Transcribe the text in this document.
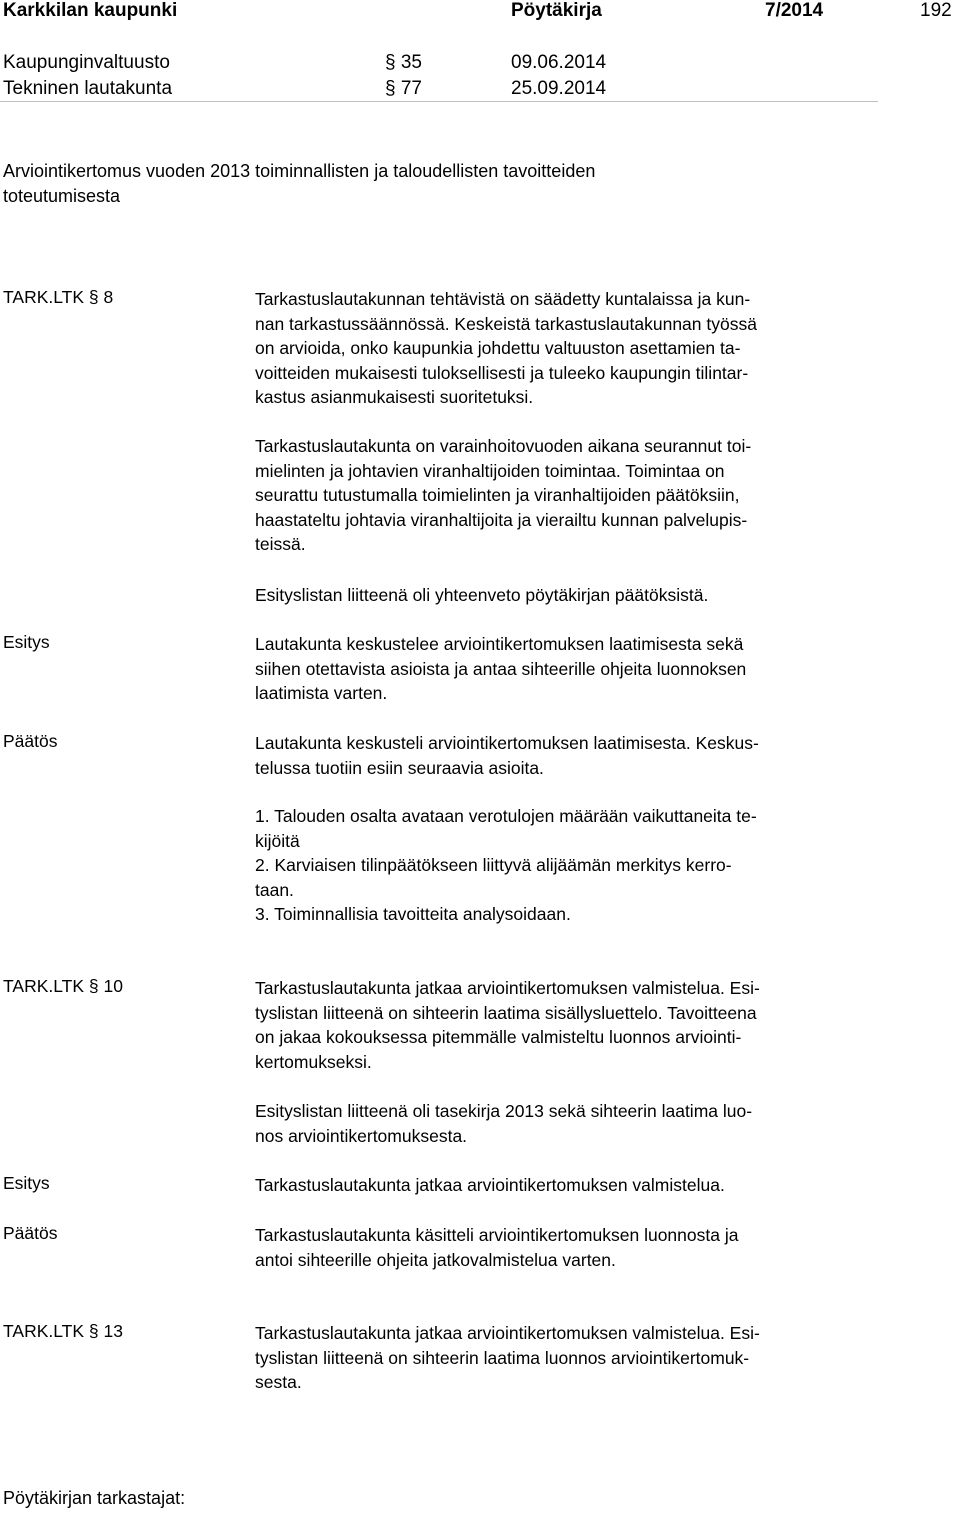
Karkkilan kaupunki	Pöytäkirja	7/2014	192
Kaupunginvaltuusto	§ 35	09.06.2014
Tekninen lautakunta	§ 77	25.09.2014
Arviointikertomus vuoden 2013 toiminnallisten ja taloudellisten tavoitteiden
toteutumisesta
TARK.LTK § 8	Tarkastuslautakunnan tehtävistä on säädetty kuntalaissa ja kun-
nan tarkastussäännössä. Keskeistä tarkastuslautakunnan työssä
on arvioida, onko kaupunkia johdettu valtuuston asettamien ta-
voitteiden mukaisesti tuloksellisesti ja tuleeko kaupungin tilintar-
kastus asianmukaisesti suoritetuksi.
Tarkastuslautakunta on varainhoitovuoden aikana seurannut toi-
mielinten ja johtavien viranhaltijoiden toimintaa. Toimintaa on
seurattu tutustumalla toimielinten ja viranhaltijoiden päätöksiin,
haastateltu johtavia viranhaltijoita ja vierailtu kunnan palvelupis-
teissä.
Esityslistan liitteenä oli yhteenveto pöytäkirjan päätöksistä.
Esitys	Lautakunta keskustelee arviointikertomuksen laatimisesta sekä
siihen otettavista asioista ja antaa sihteerille ohjeita luonnoksen
laatimista varten.
Päätös	Lautakunta keskusteli arviointikertomuksen laatimisesta. Keskus-
telussa tuotiin esiin seuraavia asioita.
1. Talouden osalta avataan verotulojen määrään vaikuttaneita te-
kijöitä
2. Karviaisen tilinpäätökseen liittyvä alijäämän merkitys kerro-
taan.
3. Toiminnallisia tavoitteita analysoidaan.
TARK.LTK § 10	Tarkastuslautakunta jatkaa arviointikertomuksen valmistelua. Esi-
tyslistan liitteenä on sihteerin laatima sisällysluettelo. Tavoitteena
on jakaa kokouksessa pitemmälle valmisteltu luonnos arviointi-
kertomukseksi.
Esityslistan liitteenä oli tasekirja 2013 sekä sihteerin laatima luo-
nos arviointikertomuksesta.
Esitys	Tarkastuslautakunta jatkaa arviointikertomuksen valmistelua.
Päätös	Tarkastuslautakunta käsitteli arviointikertomuksen luonnosta ja
antoi sihteerille ohjeita jatkovalmistelua varten.
TARK.LTK § 13	Tarkastuslautakunta jatkaa arviointikertomuksen valmistelua. Esi-
tyslistan liitteenä on sihteerin laatima luonnos arviointikertomuk-
sesta.
Pöytäkirjan tarkastajat:
